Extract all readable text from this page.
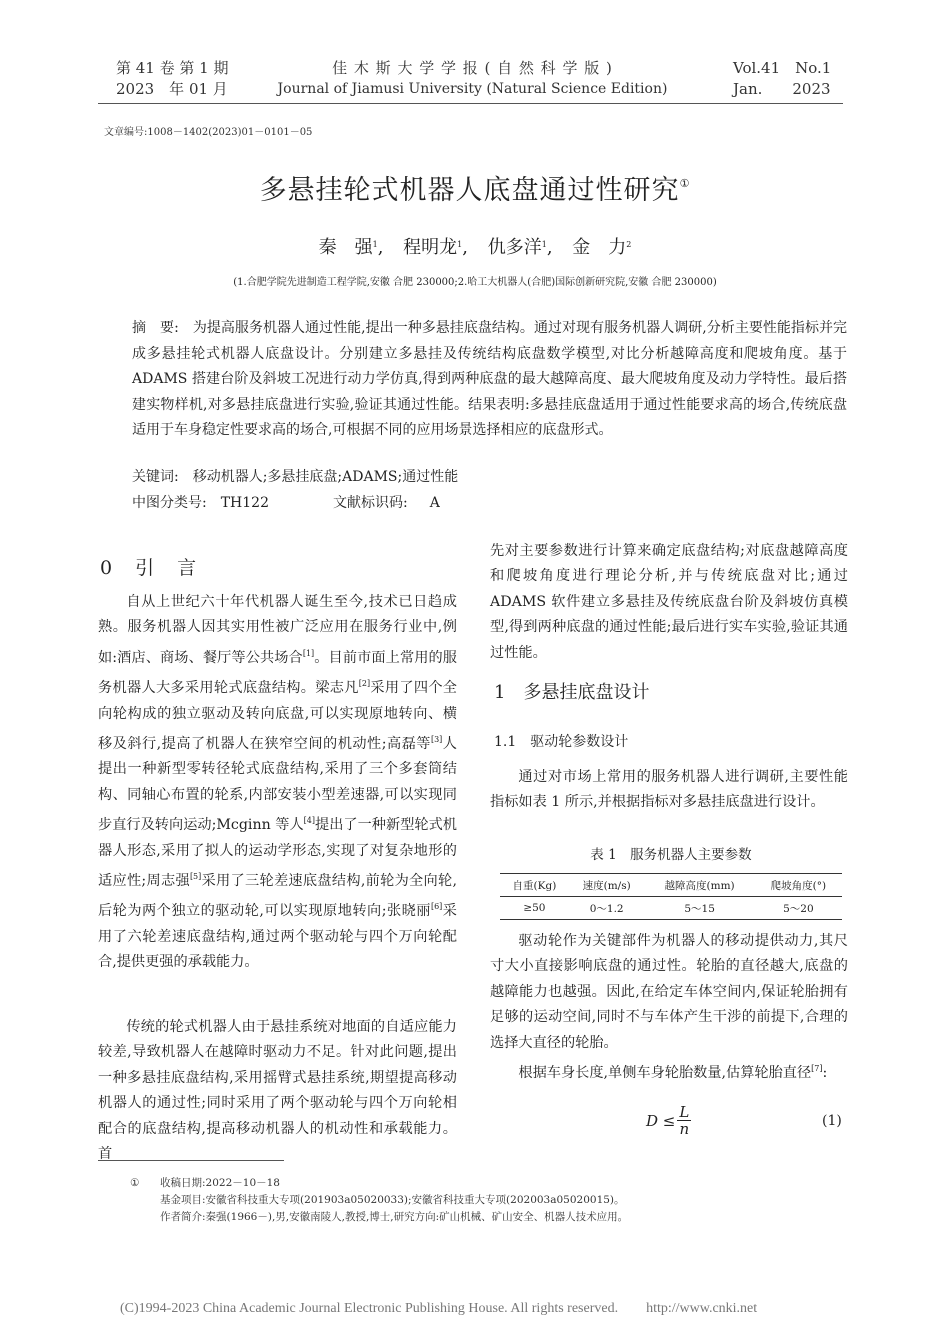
第 41 卷 第 1 期
2023　年 01 月
佳 木 斯 大 学 学 报 ( 自 然 科 学 版 )
Journal of Jiamusi University (Natural Science Edition)
Vol.41　No.1
Jan.　　2023
文章编号:1008－1402(2023)01－0101－05
多悬挂轮式机器人底盘通过性研究①
秦　强$^1$, 程明龙$^1$, 仇多洋$^1$, 金　力$^2$
(1.合肥学院先进制造工程学院,安徽 合肥 230000;2.哈工大机器人(合肥)国际创新研究院,安徽 合肥 230000)
摘　要: 为提高服务机器人通过性能,提出一种多悬挂底盘结构。通过对现有服务机器人调研,分析主要性能指标并完成多悬挂轮式机器人底盘设计。分别建立多悬挂及传统结构底盘数学模型,对比分析越障高度和爬坡角度。基于 ADAMS 搭建台阶及斜坡工况进行动力学仿真,得到两种底盘的最大越障高度、最大爬坡角度及动力学特性。最后搭建实物样机,对多悬挂底盘进行实验,验证其通过性能。结果表明:多悬挂底盘适用于通过性能要求高的场合,传统底盘适用于车身稳定性要求高的场合,可根据不同的应用场景选择相应的底盘形式。
关键词: 移动机器人;多悬挂底盘;ADAMS;通过性能
中图分类号: TH122	文献标识码: A
0　引　言
自从上世纪六十年代机器人诞生至今,技术已日趋成熟。服务机器人因其实用性被广泛应用在服务行业中,例如:酒店、商场、餐厅等公共场合[1]。目前市面上常用的服务机器人大多采用轮式底盘结构。梁志凡[2]采用了四个全向轮构成的独立驱动及转向底盘,可以实现原地转向、横移及斜行,提高了机器人在狭窄空间的机动性;高磊等[3]人提出一种新型零转径轮式底盘结构,采用了三个多套筒结构、同轴心布置的轮系,内部安装小型差速器,可以实现同步直行及转向运动;Mcginn 等人[4]提出了一种新型轮式机器人形态,采用了拟人的运动学形态,实现了对复杂地形的适应性;周志强[5]采用了三轮差速底盘结构,前轮为全向轮,后轮为两个独立的驱动轮,可以实现原地转向;张晓丽[6]采用了六轮差速底盘结构,通过两个驱动轮与四个万向轮配合,提供更强的承载能力。
传统的轮式机器人由于悬挂系统对地面的自适应能力较差,导致机器人在越障时驱动力不足。针对此问题,提出一种多悬挂底盘结构,采用摇臂式悬挂系统,期望提高移动机器人的通过性;同时采用了两个驱动轮与四个万向轮相配合的底盘结构,提高移动机器人的机动性和承载能力。首
先对主要参数进行计算来确定底盘结构;对底盘越障高度和爬坡角度进行理论分析,并与传统底盘对比;通过 ADAMS 软件建立多悬挂及传统底盘台阶及斜坡仿真模型,得到两种底盘的通过性能;最后进行实车实验,验证其通过性能。
1　多悬挂底盘设计
1.1　驱动轮参数设计
通过对市场上常用的服务机器人进行调研,主要性能指标如表 1 所示,并根据指标对多悬挂底盘进行设计。
表 1　服务机器人主要参数
自重(Kg)	速度(m/s)	越障高度(mm)	爬坡角度(°)
≥50	0～1.2	5～15	5～20
驱动轮作为关键部件为机器人的移动提供动力,其尺寸大小直接影响底盘的通过性。轮胎的直径越大,底盘的越障能力也越强。因此,在给定车体空间内,保证轮胎拥有足够的运动空间,同时不与车体产生干涉的前提下,合理的选择大直径的轮胎。
根据车身长度,单侧车身轮胎数量,估算轮胎直径[7]:
$D \le \frac{L}{n}$	(1)
① 收稿日期:2022－10－18
基金项目:安徽省科技重大专项(201903a05020033);安徽省科技重大专项(202003a05020015)。
作者简介:秦强(1966－),男,安徽南陵人,教授,博士,研究方向:矿山机械、矿山安全、机器人技术应用。
(C)1994-2023 China Academic Journal Electronic Publishing House. All rights reserved.　　http://www.cnki.net
